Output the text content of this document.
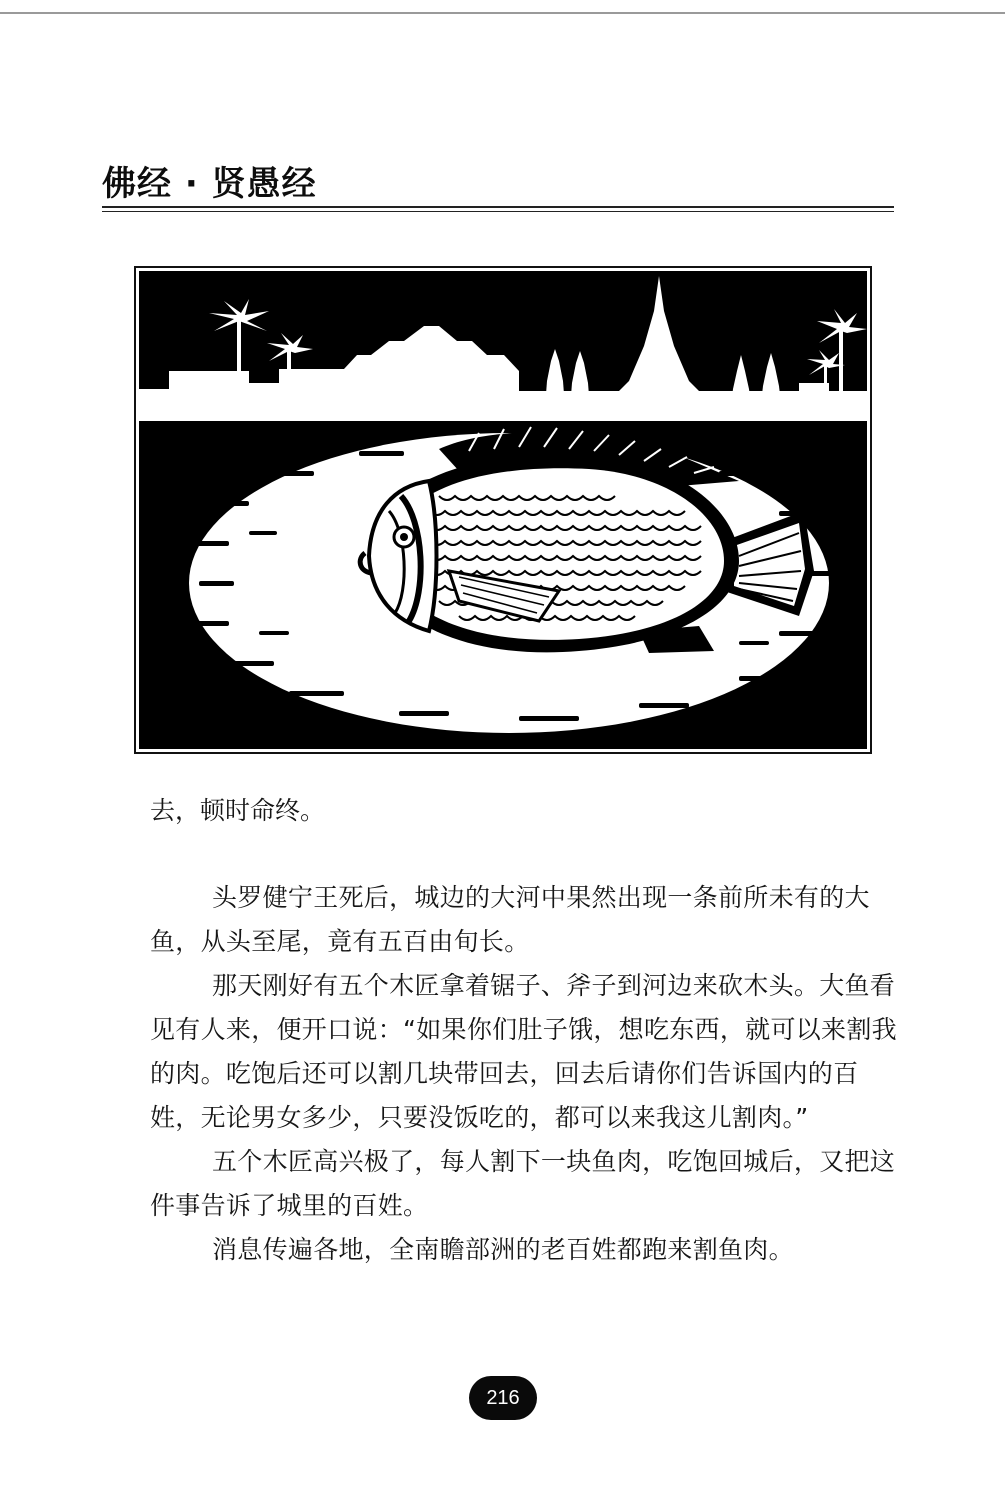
佛经 · 贤愚经
去，顿时命终。

头罗健宁王死后，城边的大河中果然出现一条前所未有的大鱼，从头至尾，竟有五百由旬长。

那天刚好有五个木匠拿着锯子、斧子到河边来砍木头。大鱼看见有人来，便开口说：“如果你们肚子饿，想吃东西，就可以来割我的肉。吃饱后还可以割几块带回去，回去后请你们告诉国内的百姓，无论男女多少，只要没饭吃的，都可以来我这儿割肉。”

五个木匠高兴极了，每人割下一块鱼肉，吃饱回城后，又把这件事告诉了城里的百姓。

消息传遍各地，全南瞻部洲的老百姓都跑来割鱼肉。

216
